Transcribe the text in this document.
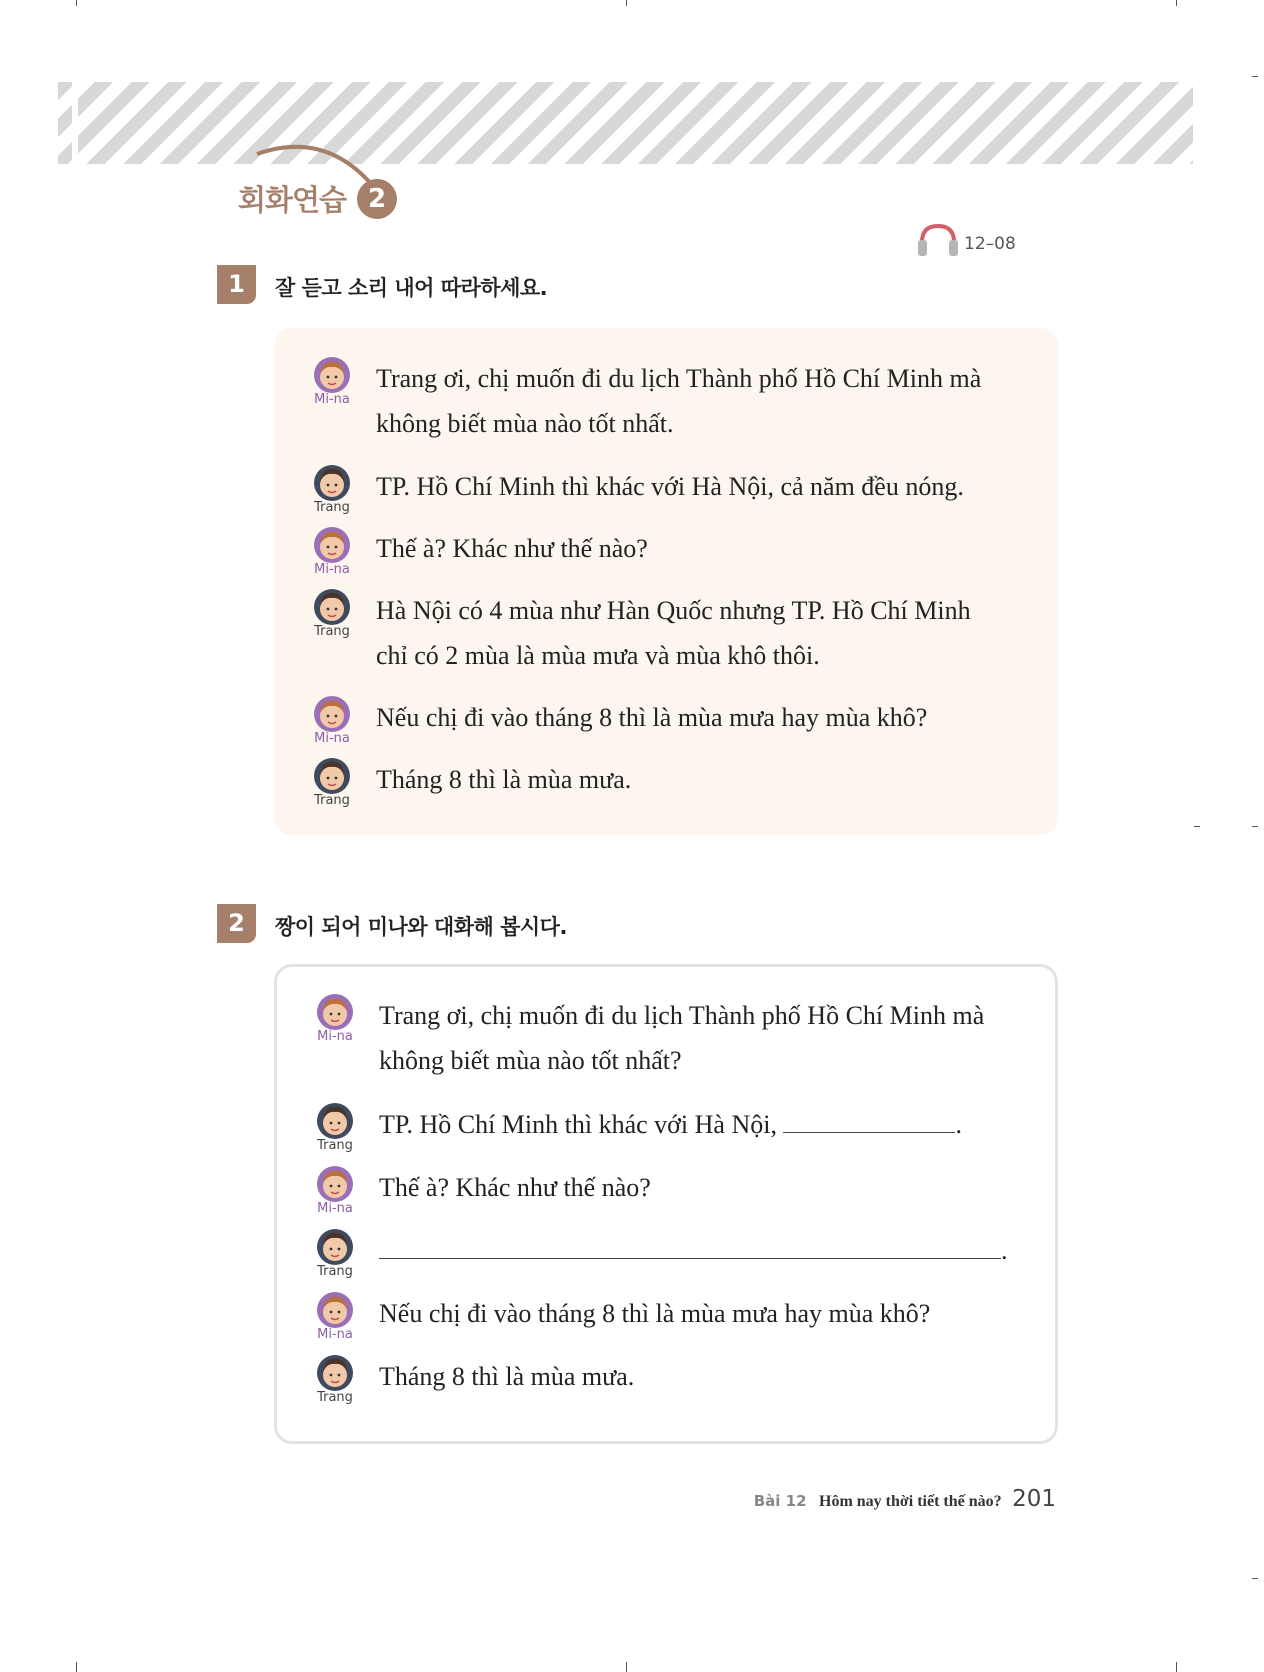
회화연습 2
12–08
1	잘 듣고 소리 내어 따라하세요.
Mi-na
Trang ơi, chị muốn đi du lịch Thành phố Hồ Chí Minh mà
không biết mùa nào tốt nhất.
Trang
TP. Hồ Chí Minh thì khác với Hà Nội, cả năm đều nóng.
Mi-na
Thế à? Khác như thế nào?
Trang
Hà Nội có 4 mùa như Hàn Quốc nhưng TP. Hồ Chí Minh
chỉ có 2 mùa là mùa mưa và mùa khô thôi.
Mi-na
Nếu chị đi vào tháng 8 thì là mùa mưa hay mùa khô?
Trang
Tháng 8 thì là mùa mưa.
2	짱이 되어 미나와 대화해 봅시다.
Mi-na
Trang ơi, chị muốn đi du lịch Thành phố Hồ Chí Minh mà
không biết mùa nào tốt nhất?
Trang
TP. Hồ Chí Minh thì khác với Hà Nội,	.
Mi-na
Thế à? Khác như thế nào?
Trang
.
Mi-na
Nếu chị đi vào tháng 8 thì là mùa mưa hay mùa khô?
Trang
Tháng 8 thì là mùa mưa.
Bài 12 Hôm nay thời tiết thế nào? 201
